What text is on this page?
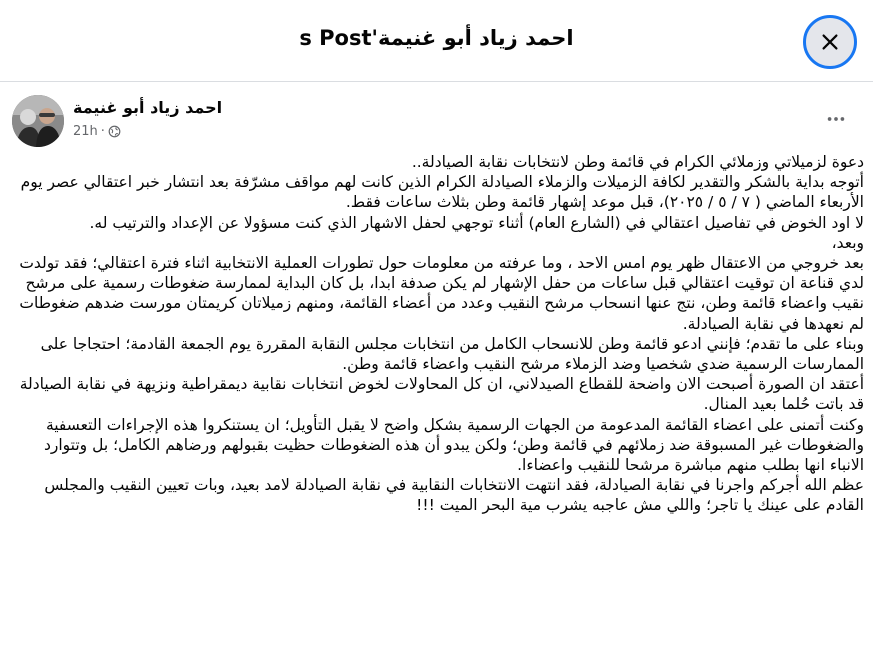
احمد زياد أبو غنيمة's Post
احمد زياد أبو غنيمة
21h ·

دعوة لزميلاتي وزملائي الكرام في قائمة وطن لانتخابات نقابة الصيادلة..

أتوجه بداية بالشكر والتقدير لكافة الزميلات والزملاء الصيادلة الكرام الذين كانت لهم مواقف مشرّفة بعد انتشار خبر اعتقالي عصر يوم الأربعاء الماضي ( ٧ / ٥ / ٢٠٢٥)، قبل موعد إشهار قائمة وطن بثلاث ساعات فقط.

لا اود الخوض في تفاصيل اعتقالي في (الشارع العام) أثناء توجهي لحفل الاشهار الذي كنت مسؤولا عن الإعداد والترتيب له.

وبعد،

بعد خروجي من الاعتقال ظهر يوم امس الاحد ، وما عرفته من معلومات حول تطورات العملية الانتخابية اثناء فترة اعتقالي؛ فقد تولدت لدي قناعة ان توقيت اعتقالي قبل ساعات من حفل الإشهار لم يكن صدفة ابدا، بل كان البداية لممارسة ضغوطات رسمية على مرشح نقيب واعضاء قائمة وطن، نتج عنها انسحاب مرشح النقيب وعدد من أعضاء القائمة، ومنهم زميلاتان كريمتان مورست ضدهم ضغوطات لم نعهدها في نقابة الصيادلة.

وبناء على ما تقدم؛ فإنني ادعو قائمة وطن للانسحاب الكامل من انتخابات مجلس النقابة المقررة يوم الجمعة القادمة؛ احتجاجا على الممارسات الرسمية ضدي شخصيا وضد الزملاء مرشح النقيب واعضاء قائمة وطن.

أعتقد ان الصورة أصبحت الان واضحة للقطاع الصيدلاني، ان كل المحاولات لخوض انتخابات نقابية ديمقراطية ونزيهة في نقابة الصيادلة قد باتت حُلما بعيد المنال.

وكنت أتمنى على اعضاء القائمة المدعومة من الجهات الرسمية بشكل واضح لا يقبل التأويل؛ ان يستنكروا هذه الإجراءات التعسفية والضغوطات غير المسبوقة ضد زملائهم في قائمة وطن؛ ولكن يبدو أن هذه الضغوطات حظيت بقبولهم ورضاهم الكامل؛ بل وتتوارد الانباء انها بطلب منهم مباشرة مرشحا للنقيب واعضاءا.

عظم الله أجركم واجرنا في نقابة الصيادلة، فقد انتهت الانتخابات النقابية في نقابة الصيادلة لامد بعيد، وبات تعيين النقيب والمجلس القادم على عينك يا تاجر؛ واللي مش عاجبه يشرب مية البحر الميت !!!
